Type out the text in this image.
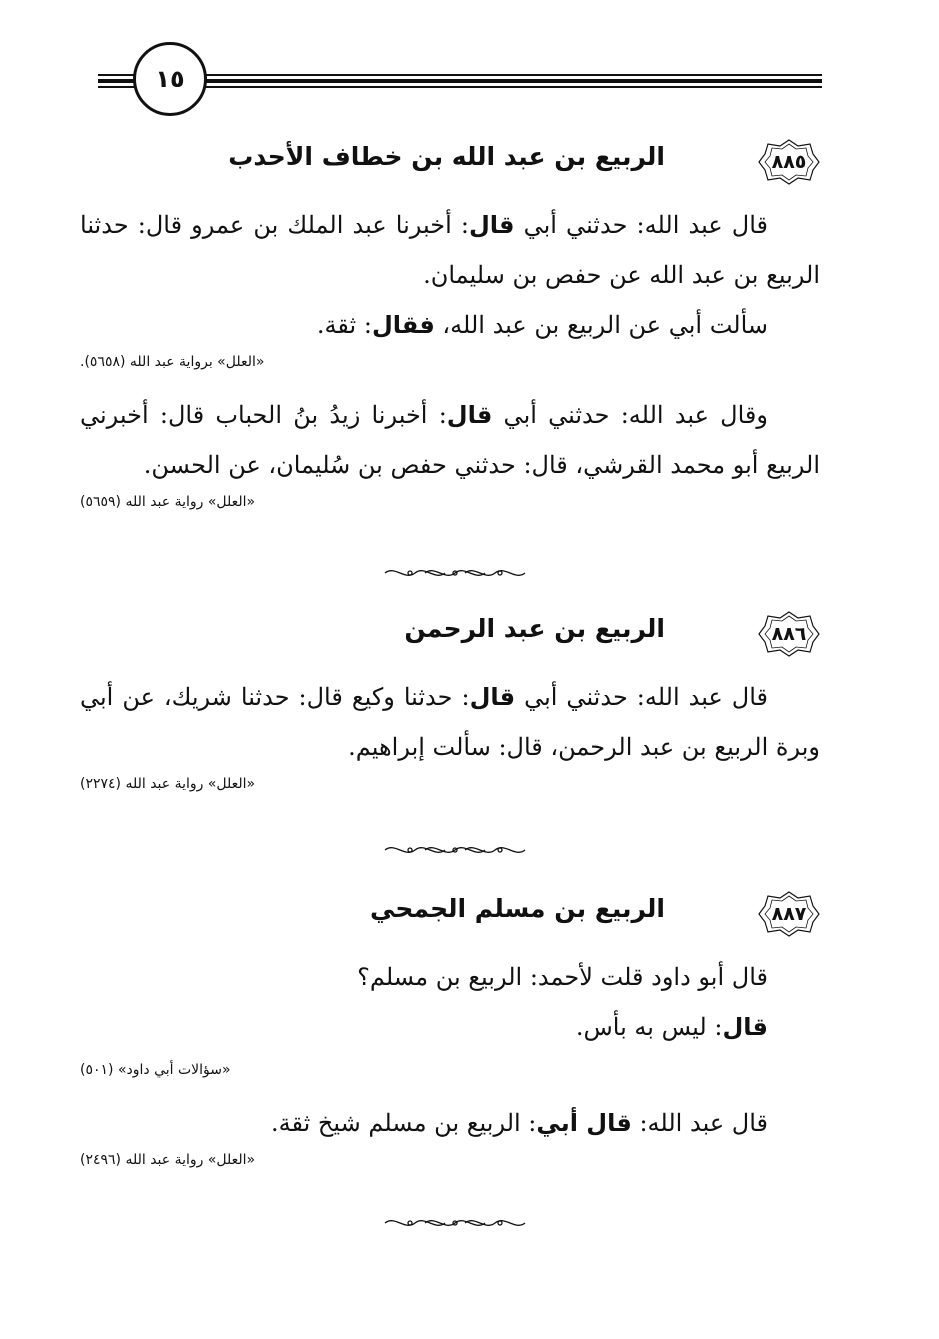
١٥
٨٨٥
الربيع بن عبد الله بن خطاف الأحدب

قال عبد الله: حدثني أبي قال: أخبرنا عبد الملك بن عمرو قال: حدثنا الربيع بن عبد الله عن حفص بن سليمان.

سألت أبي عن الربيع بن عبد الله، فقال: ثقة.

«العلل» برواية عبد الله (٥٦٥٨).

وقال عبد الله: حدثني أبي قال: أخبرنا زيدُ بنُ الحباب قال: أخبرني الربيع أبو محمد القرشي، قال: حدثني حفص بن سُليمان، عن الحسن.

«العلل» رواية عبد الله (٥٦٥٩)
٨٨٦
الربيع بن عبد الرحمن

قال عبد الله: حدثني أبي قال: حدثنا وكيع قال: حدثنا شريك، عن أبي وبرة الربيع بن عبد الرحمن، قال: سألت إبراهيم.

«العلل» رواية عبد الله (٢٢٧٤)
٨٨٧
الربيع بن مسلم الجمحي

قال أبو داود قلت لأحمد: الربيع بن مسلم؟

قال: ليس به بأس.

«سؤالات أبي داود» (٥٠١)

قال عبد الله: قال أبي: الربيع بن مسلم شيخ ثقة.

«العلل» رواية عبد الله (٢٤٩٦)
